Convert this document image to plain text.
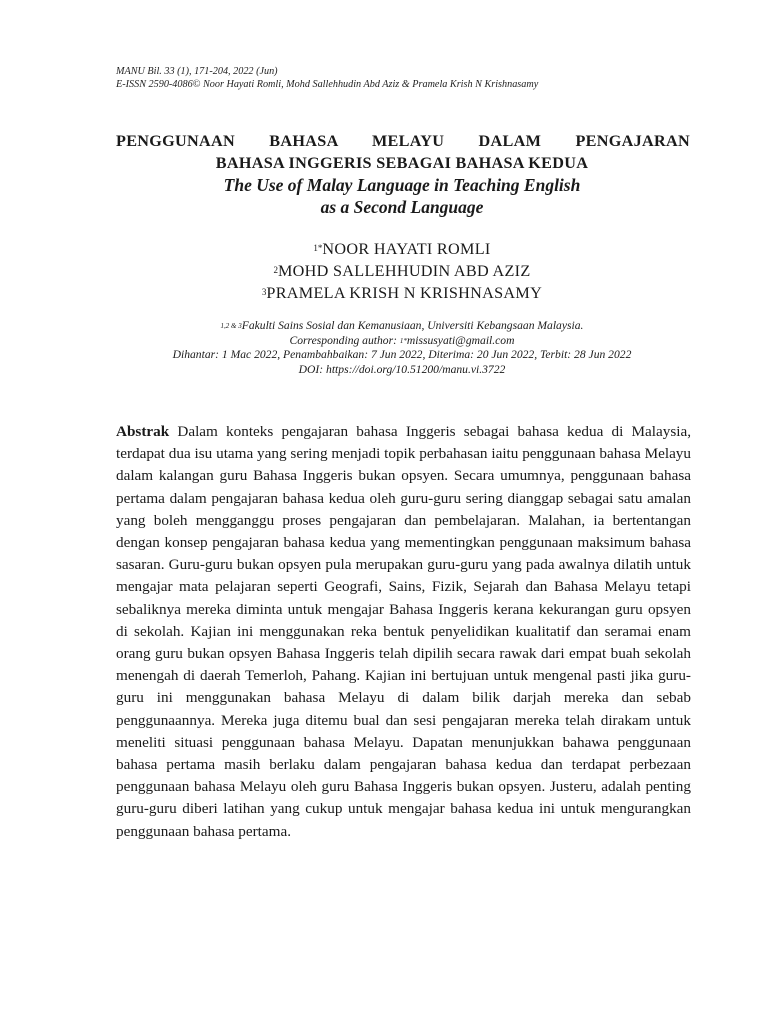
MANU Bil. 33 (1), 171-204, 2022 (Jun)
E-ISSN 2590-4086© Noor Hayati Romli, Mohd Sallehhudin Abd Aziz & Pramela Krish N Krishnasamy
PENGGUNAAN BAHASA MELAYU DALAM PENGAJARAN
BAHASA INGGERIS SEBAGAI BAHASA KEDUA
The Use of Malay Language in Teaching English
as a Second Language
$^{1*}$NOOR HAYATI ROMLI
$^2$MOHD SALLEHHUDIN ABD AZIZ
$^3$PRAMELA KRISH N KRISHNASAMY
$^{1,2 \& 3}$Fakulti Sains Sosial dan Kemanusiaan, Universiti Kebangsaan Malaysia.
Corresponding author: $^{1*}$missusyati@gmail.com
Dihantar: 1 Mac 2022, Penambahbaikan: 7 Jun 2022, Diterima: 20 Jun 2022, Terbit: 28 Jun 2022
DOI: https://doi.org/10.51200/manu.vi.3722
Abstrak Dalam konteks pengajaran bahasa Inggeris sebagai bahasa kedua di Malaysia, terdapat dua isu utama yang sering menjadi topik perbahasan iaitu penggunaan bahasa Melayu dalam kalangan guru Bahasa Inggeris bukan opsyen. Secara umumnya, penggunaan bahasa pertama dalam pengajaran bahasa kedua oleh guru-guru sering dianggap sebagai satu amalan yang boleh mengganggu proses pengajaran dan pembelajaran. Malahan, ia bertentangan dengan konsep pengajaran bahasa kedua yang mementingkan penggunaan maksimum bahasa sasaran. Guru-guru bukan opsyen pula merupakan guru-guru yang pada awalnya dilatih untuk mengajar mata pelajaran seperti Geografi, Sains, Fizik, Sejarah dan Bahasa Melayu tetapi sebaliknya mereka diminta untuk mengajar Bahasa Inggeris kerana kekurangan guru opsyen di sekolah. Kajian ini menggunakan reka bentuk penyelidikan kualitatif dan seramai enam orang guru bukan opsyen Bahasa Inggeris telah dipilih secara rawak dari empat buah sekolah menengah di daerah Temerloh, Pahang. Kajian ini bertujuan untuk mengenal pasti jika guru-guru ini menggunakan bahasa Melayu di dalam bilik darjah mereka dan sebab penggunaannya. Mereka juga ditemu bual dan sesi pengajaran mereka telah dirakam untuk meneliti situasi penggunaan bahasa Melayu. Dapatan menunjukkan bahawa penggunaan bahasa pertama masih berlaku dalam pengajaran bahasa kedua dan terdapat perbezaan penggunaan bahasa Melayu oleh guru Bahasa Inggeris bukan opsyen. Justeru, adalah penting guru-guru diberi latihan yang cukup untuk mengajar bahasa kedua ini untuk mengurangkan penggunaan bahasa pertama.
